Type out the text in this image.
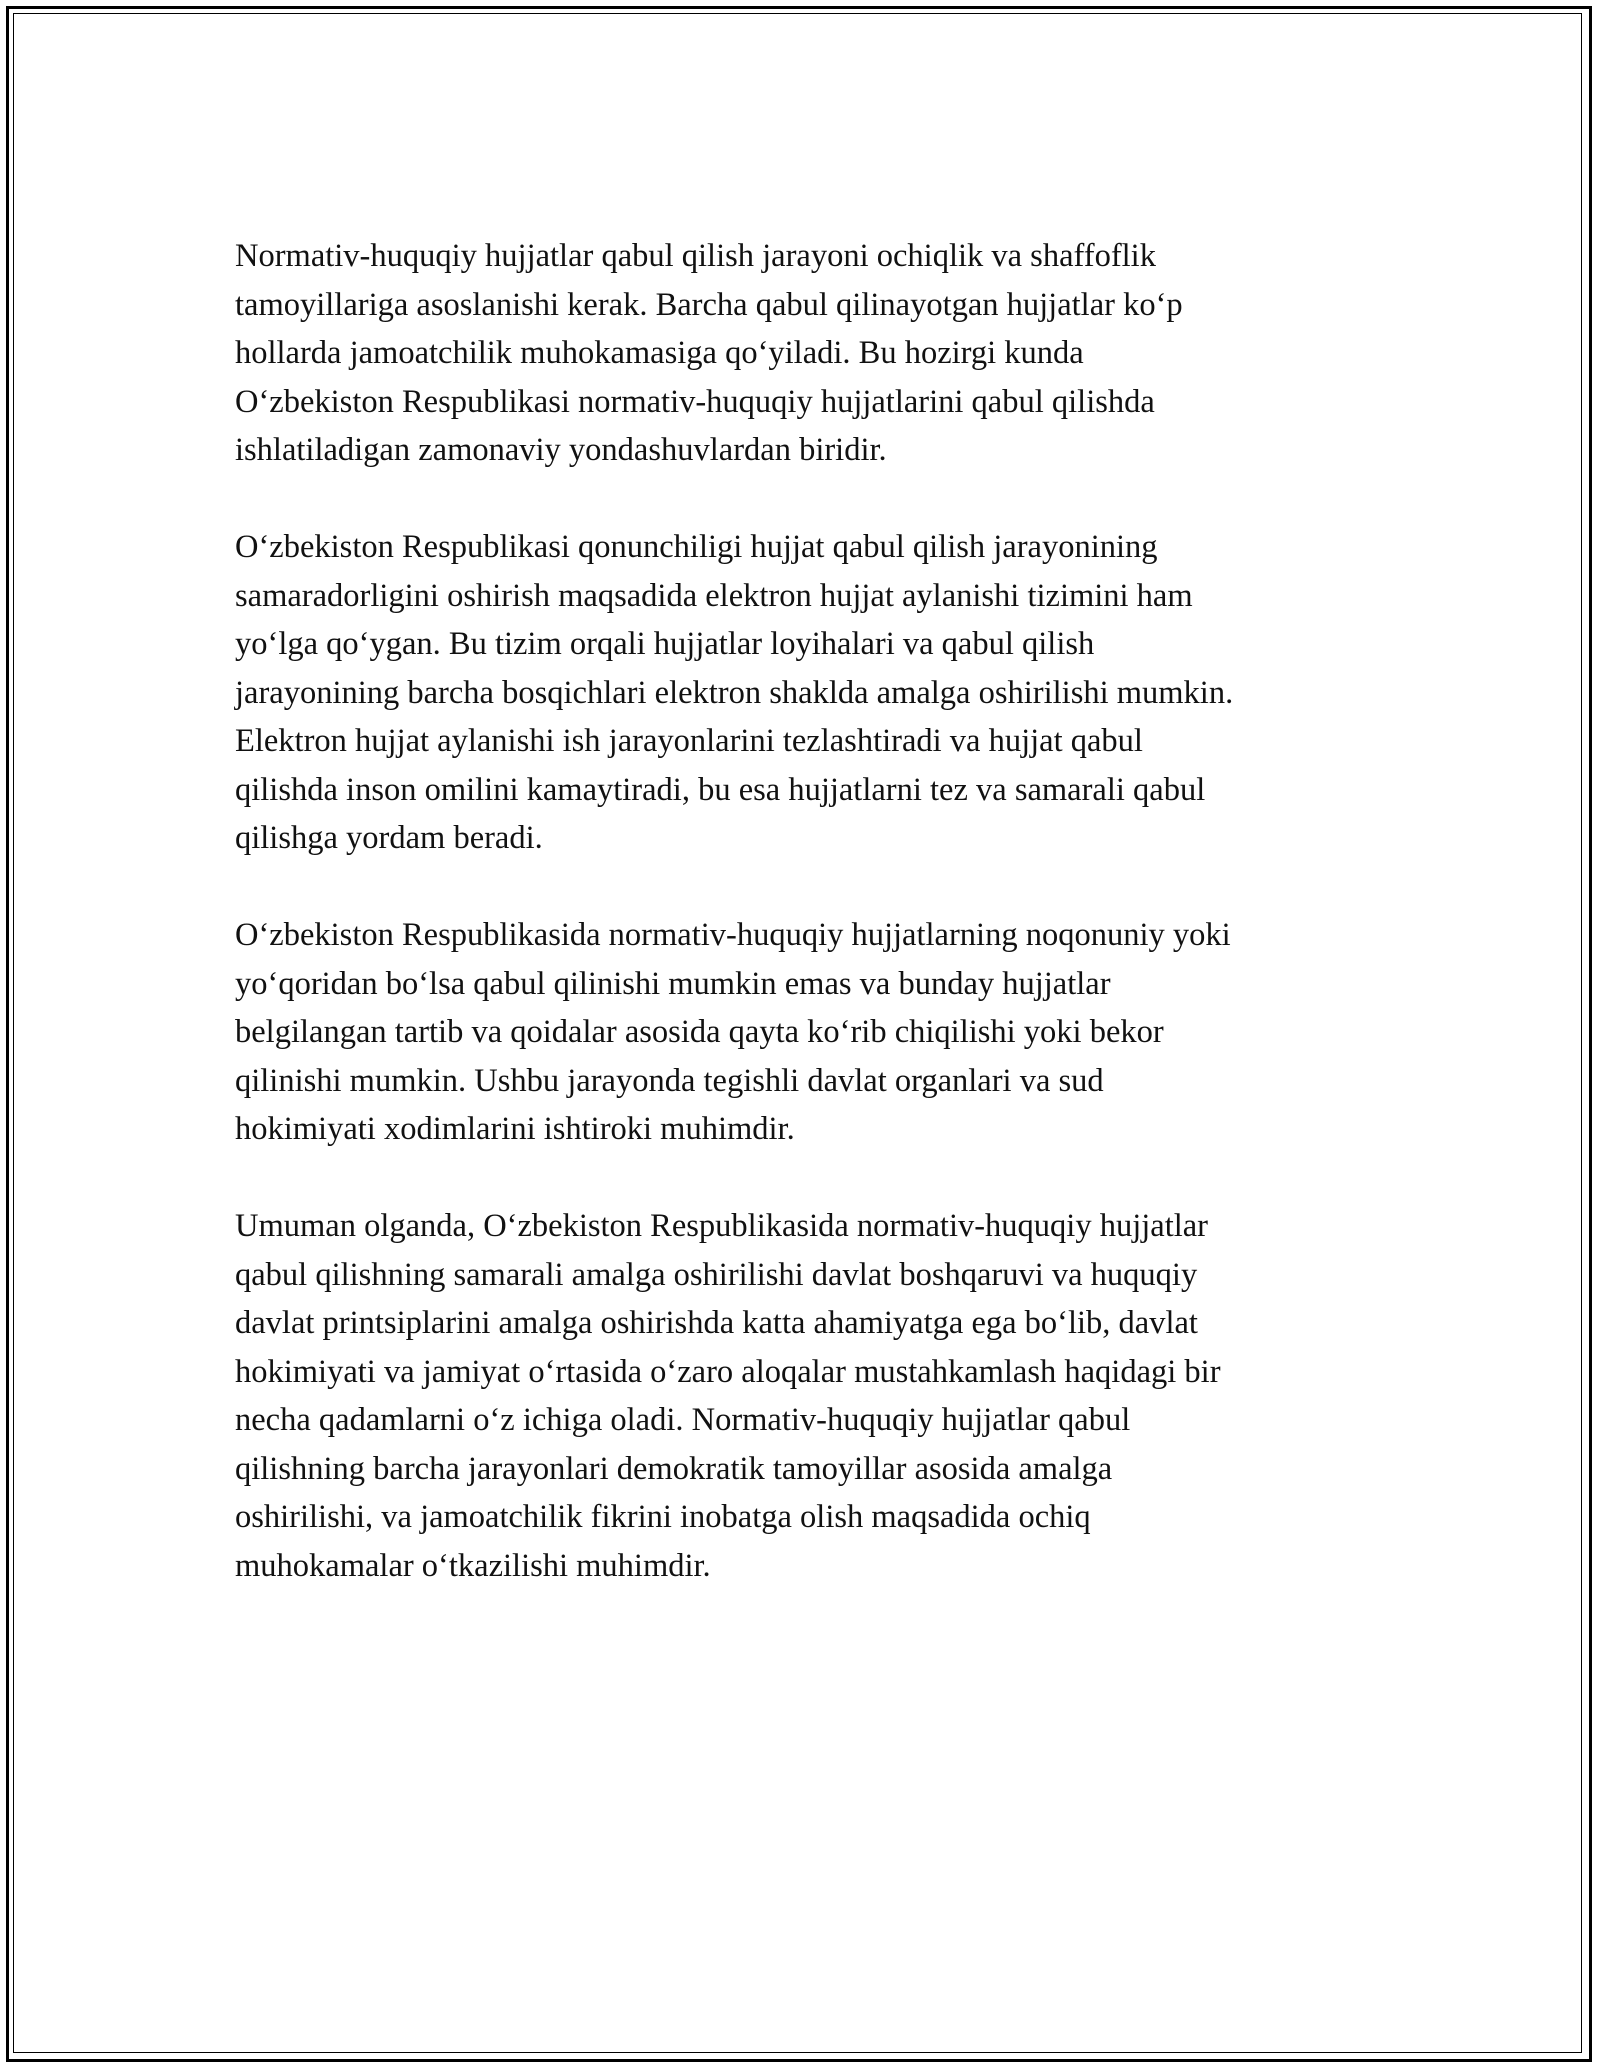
Normativ-huquqiy hujjatlar qabul qilish jarayoni ochiqlik va shaffoflik
tamoyillariga asoslanishi kerak. Barcha qabul qilinayotgan hujjatlar ko‘p
hollarda jamoatchilik muhokamasiga qo‘yiladi. Bu hozirgi kunda
O‘zbekiston Respublikasi normativ-huquqiy hujjatlarini qabul qilishda
ishlatiladigan zamonaviy yondashuvlardan biridir.

O‘zbekiston Respublikasi qonunchiligi hujjat qabul qilish jarayonining
samaradorligini oshirish maqsadida elektron hujjat aylanishi tizimini ham
yo‘lga qo‘ygan. Bu tizim orqali hujjatlar loyihalari va qabul qilish
jarayonining barcha bosqichlari elektron shaklda amalga oshirilishi mumkin.
Elektron hujjat aylanishi ish jarayonlarini tezlashtiradi va hujjat qabul
qilishda inson omilini kamaytiradi, bu esa hujjatlarni tez va samarali qabul
qilishga yordam beradi.

O‘zbekiston Respublikasida normativ-huquqiy hujjatlarning noqonuniy yoki
yo‘qoridan bo‘lsa qabul qilinishi mumkin emas va bunday hujjatlar
belgilangan tartib va qoidalar asosida qayta ko‘rib chiqilishi yoki bekor
qilinishi mumkin. Ushbu jarayonda tegishli davlat organlari va sud
hokimiyati xodimlarini ishtiroki muhimdir.

Umuman olganda, O‘zbekiston Respublikasida normativ-huquqiy hujjatlar
qabul qilishning samarali amalga oshirilishi davlat boshqaruvi va huquqiy
davlat printsiplarini amalga oshirishda katta ahamiyatga ega bo‘lib, davlat
hokimiyati va jamiyat o‘rtasida o‘zaro aloqalar mustahkamlash haqidagi bir
necha qadamlarni o‘z ichiga oladi. Normativ-huquqiy hujjatlar qabul
qilishning barcha jarayonlari demokratik tamoyillar asosida amalga
oshirilishi, va jamoatchilik fikrini inobatga olish maqsadida ochiq
muhokamalar o‘tkazilishi muhimdir.
